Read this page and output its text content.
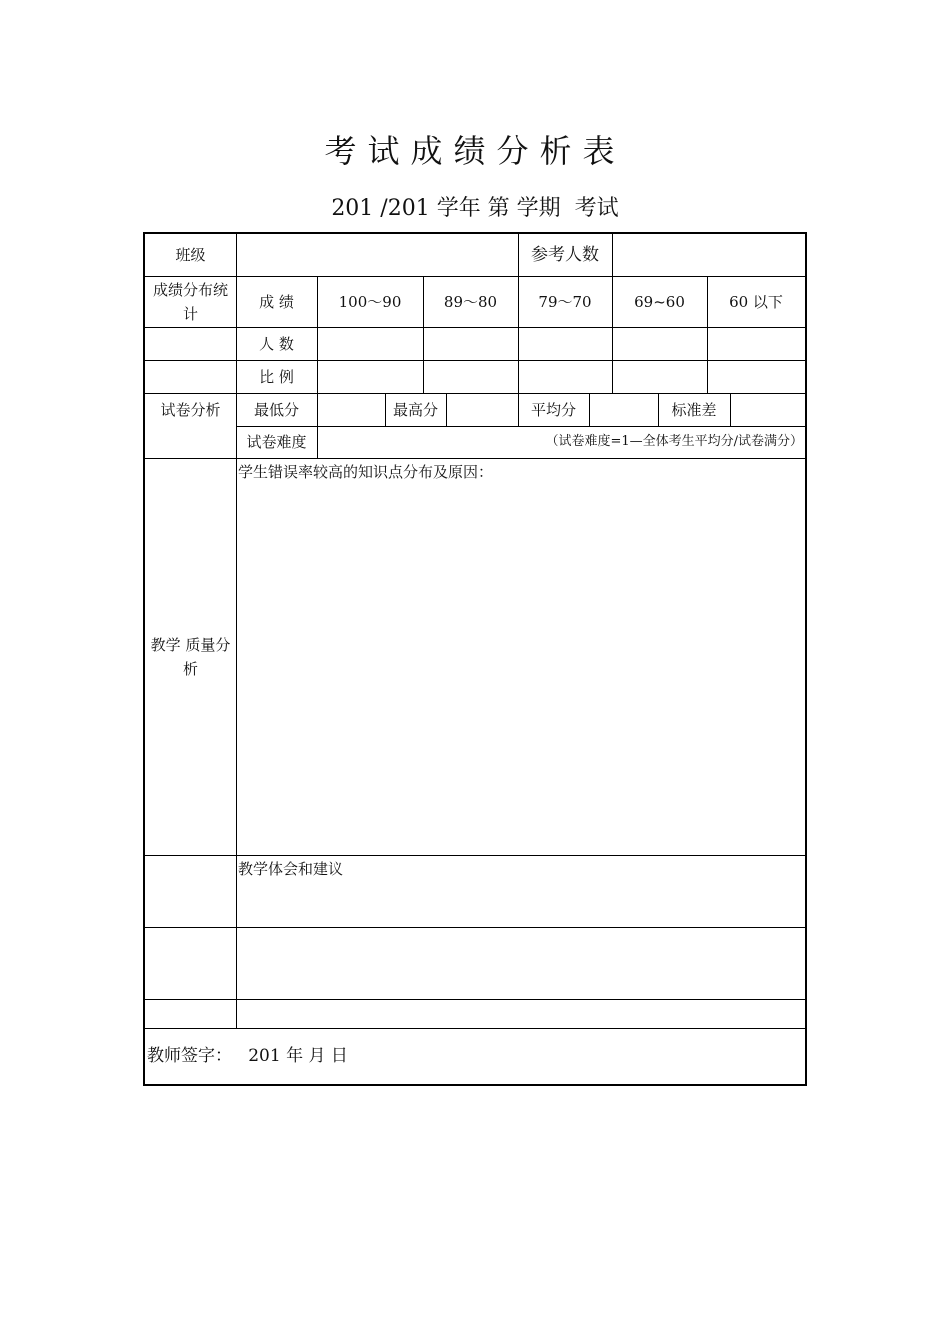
考试成绩分析表
201 /201 学年 第 学期  考试
班级	参考人数
成绩分布统计
成 绩	100～90	89～80	79～70	69~60	60 以下
人 数
比 例
试卷分析	最低分	最高分	平均分	标准差
试卷难度	（试卷难度=1—全体考生平均分/试卷满分）
教学 质量分析
学生错误率较高的知识点分布及原因：
教学体会和建议
教师签字：   201 年 月 日
